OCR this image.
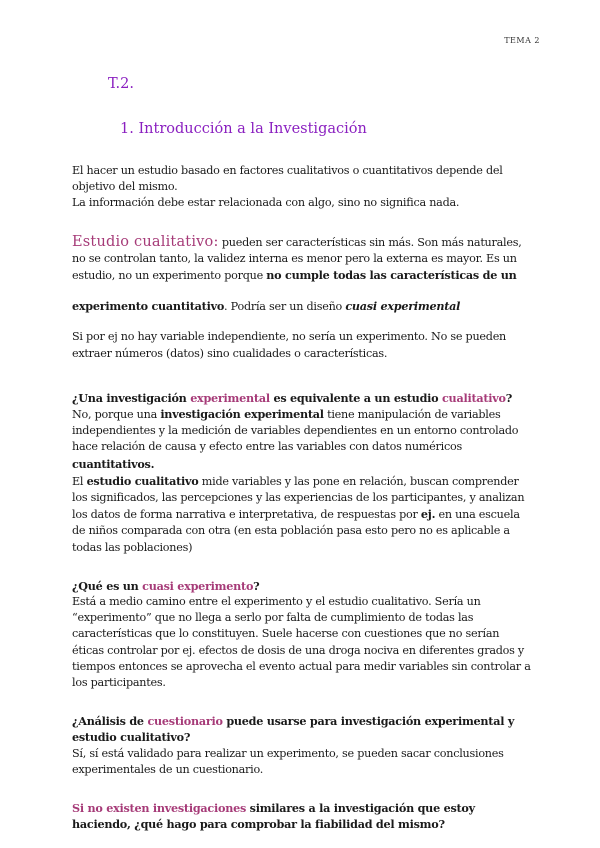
TEMA 2
T.2.
1. Introducción a la Investigación

El hacer un estudio basado en factores cualitativos o cuantitativos depende del objetivo del mismo.
La información debe estar relacionada con algo, sino no significa nada.

Estudio cualitativo: pueden ser características sin más. Son más naturales, no se controlan tanto, la validez interna es menor pero la externa es mayor. Es un estudio, no un experimento porque no cumple todas las características de un

experimento cuantitativo. Podría ser un diseño cuasi experimental

Si por ej no hay variable independiente, no sería un experimento. No se pueden extraer números (datos) sino cualidades o características.

¿Una investigación experimental es equivalente a un estudio cualitativo?

No, porque una investigación experimental tiene manipulación de variables independientes y la medición de variables dependientes en un entorno controlado hace relación de causa y efecto entre las variables con datos numéricos cuantitativos.

El estudio cualitativo mide variables y las pone en relación, buscan comprender los significados, las percepciones y las experiencias de los participantes, y analizan los datos de forma narrativa e interpretativa, de respuestas por ej. en una escuela de niños comparada con otra (en esta población pasa esto pero no es aplicable a todas las poblaciones)

¿Qué es un cuasi experimento?

Está a medio camino entre el experimento y el estudio cualitativo. Sería un “experimento” que no llega a serlo por falta de cumplimiento de todas las características que lo constituyen. Suele hacerse con cuestiones que no serían éticas controlar por ej. efectos de dosis de una droga nociva en diferentes grados y tiempos entonces se aprovecha el evento actual para medir variables sin controlar a los participantes.

¿Análisis de cuestionario puede usarse para investigación experimental y estudio cualitativo?

Sí, sí está validado para realizar un experimento, se pueden sacar conclusiones experimentales de un cuestionario.

Si no existen investigaciones similares a la investigación que estoy haciendo, ¿qué hago para comprobar la fiabilidad del mismo?
